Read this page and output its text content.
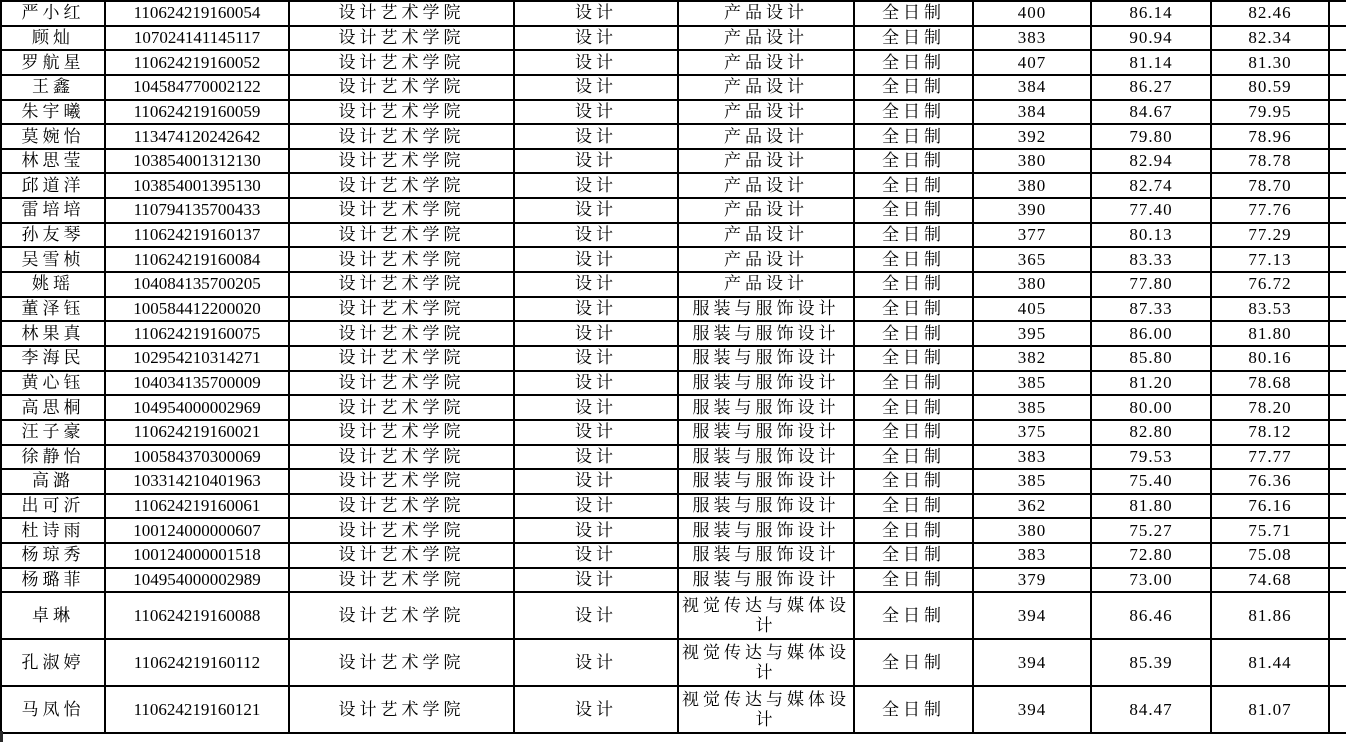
严小红	110624219160054	设计艺术学院	设计	产品设计	全日制	400	86.14	82.46	
顾灿	107024141145117	设计艺术学院	设计	产品设计	全日制	383	90.94	82.34	
罗航星	110624219160052	设计艺术学院	设计	产品设计	全日制	407	81.14	81.30	
王鑫	104584770002122	设计艺术学院	设计	产品设计	全日制	384	86.27	80.59	
朱宇曦	110624219160059	设计艺术学院	设计	产品设计	全日制	384	84.67	79.95	
莫婉怡	113474120242642	设计艺术学院	设计	产品设计	全日制	392	79.80	78.96	
林思莹	103854001312130	设计艺术学院	设计	产品设计	全日制	380	82.94	78.78	
邱道洋	103854001395130	设计艺术学院	设计	产品设计	全日制	380	82.74	78.70	
雷培培	110794135700433	设计艺术学院	设计	产品设计	全日制	390	77.40	77.76	
孙友琴	110624219160137	设计艺术学院	设计	产品设计	全日制	377	80.13	77.29	
吴雪桢	110624219160084	设计艺术学院	设计	产品设计	全日制	365	83.33	77.13	
姚瑶	104084135700205	设计艺术学院	设计	产品设计	全日制	380	77.80	76.72	
董泽钰	100584412200020	设计艺术学院	设计	服装与服饰设计	全日制	405	87.33	83.53	
林果真	110624219160075	设计艺术学院	设计	服装与服饰设计	全日制	395	86.00	81.80	
李海民	102954210314271	设计艺术学院	设计	服装与服饰设计	全日制	382	85.80	80.16	
黄心钰	104034135700009	设计艺术学院	设计	服装与服饰设计	全日制	385	81.20	78.68	
高思桐	104954000002969	设计艺术学院	设计	服装与服饰设计	全日制	385	80.00	78.20	
汪子豪	110624219160021	设计艺术学院	设计	服装与服饰设计	全日制	375	82.80	78.12	
徐静怡	100584370300069	设计艺术学院	设计	服装与服饰设计	全日制	383	79.53	77.77	
高潞	103314210401963	设计艺术学院	设计	服装与服饰设计	全日制	385	75.40	76.36	
出可沂	110624219160061	设计艺术学院	设计	服装与服饰设计	全日制	362	81.80	76.16	
杜诗雨	100124000000607	设计艺术学院	设计	服装与服饰设计	全日制	380	75.27	75.71	
杨琼秀	100124000001518	设计艺术学院	设计	服装与服饰设计	全日制	383	72.80	75.08	
杨璐菲	104954000002989	设计艺术学院	设计	服装与服饰设计	全日制	379	73.00	74.68	
卓琳	110624219160088	设计艺术学院	设计	视觉传达与媒体设计	全日制	394	86.46	81.86	
孔淑婷	110624219160112	设计艺术学院	设计	视觉传达与媒体设计	全日制	394	85.39	81.44	
马凤怡	110624219160121	设计艺术学院	设计	视觉传达与媒体设计	全日制	394	84.47	81.07	
